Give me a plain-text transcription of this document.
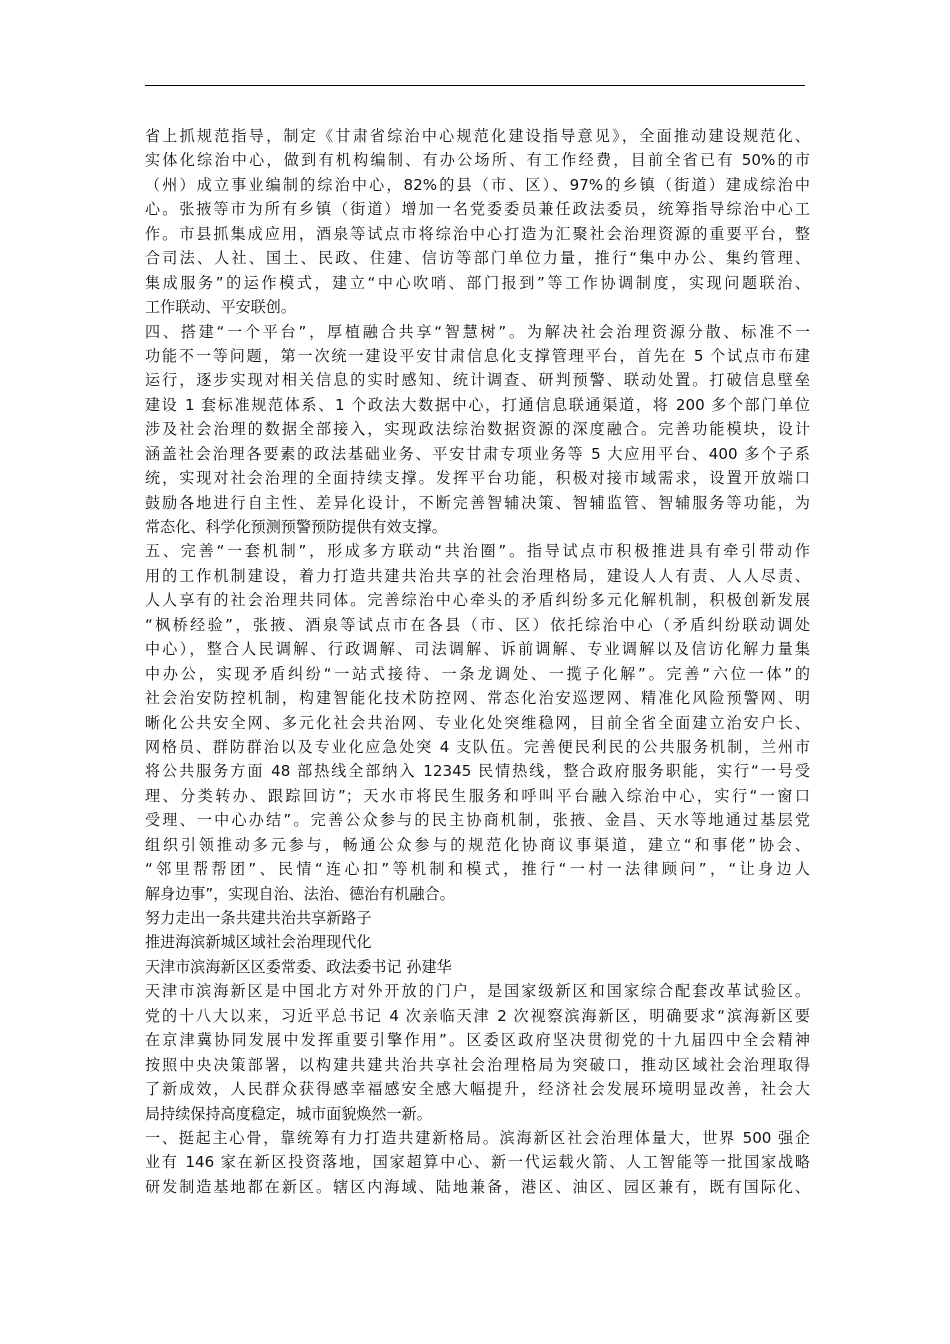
省上抓规范指导，制定《甘肃省综治中心规范化建设指导意见》，全面推动建设规范化、
实体化综治中心，做到有机构编制、有办公场所、有工作经费，目前全省已有 50%的市
（州）成立事业编制的综治中心，82%的县（市、区）、97%的乡镇（街道）建成综治中
心。张掖等市为所有乡镇（街道）增加一名党委委员兼任政法委员，统筹指导综治中心工
作。市县抓集成应用，酒泉等试点市将综治中心打造为汇聚社会治理资源的重要平台，整
合司法、人社、国土、民政、住建、信访等部门单位力量，推行“集中办公、集约管理、
集成服务”的运作模式，建立“中心吹哨、部门报到”等工作协调制度，实现问题联治、
工作联动、平安联创。
四、搭建“一个平台”，厚植融合共享“智慧树”。为解决社会治理资源分散、标准不一
功能不一等问题，第一次统一建设平安甘肃信息化支撑管理平台，首先在 5 个试点市布建
运行，逐步实现对相关信息的实时感知、统计调查、研判预警、联动处置。打破信息壁垒
建设 1 套标准规范体系、1 个政法大数据中心，打通信息联通渠道，将 200 多个部门单位
涉及社会治理的数据全部接入，实现政法综治数据资源的深度融合。完善功能模块，设计
涵盖社会治理各要素的政法基础业务、平安甘肃专项业务等 5 大应用平台、400 多个子系
统，实现对社会治理的全面持续支撑。发挥平台功能，积极对接市域需求，设置开放端口
鼓励各地进行自主性、差异化设计，不断完善智辅决策、智辅监管、智辅服务等功能，为
常态化、科学化预测预警预防提供有效支撑。
五、完善“一套机制”，形成多方联动“共治圈”。指导试点市积极推进具有牵引带动作
用的工作机制建设，着力打造共建共治共享的社会治理格局，建设人人有责、人人尽责、
人人享有的社会治理共同体。完善综治中心牵头的矛盾纠纷多元化解机制，积极创新发展
“枫桥经验”，张掖、酒泉等试点市在各县（市、区）依托综治中心（矛盾纠纷联动调处
中心），整合人民调解、行政调解、司法调解、诉前调解、专业调解以及信访化解力量集
中办公，实现矛盾纠纷“一站式接待、一条龙调处、一揽子化解”。完善“六位一体”的
社会治安防控机制，构建智能化技术防控网、常态化治安巡逻网、精准化风险预警网、明
晰化公共安全网、多元化社会共治网、专业化处突维稳网，目前全省全面建立治安户长、
网格员、群防群治以及专业化应急处突 4 支队伍。完善便民利民的公共服务机制，兰州市
将公共服务方面 48 部热线全部纳入 12345 民情热线，整合政府服务职能，实行“一号受
理、分类转办、跟踪回访”；天水市将民生服务和呼叫平台融入综治中心，实行“一窗口
受理、一中心办结”。完善公众参与的民主协商机制，张掖、金昌、天水等地通过基层党
组织引领推动多元参与，畅通公众参与的规范化协商议事渠道，建立“和事佬”协会、
“邻里帮帮团”、民情“连心扣”等机制和模式，推行“一村一法律顾问”，“让身边人
解身边事”，实现自治、法治、德治有机融合。
努力走出一条共建共治共享新路子
推进海滨新城区域社会治理现代化
天津市滨海新区区委常委、政法委书记 孙建华
天津市滨海新区是中国北方对外开放的门户，是国家级新区和国家综合配套改革试验区。
党的十八大以来，习近平总书记 4 次亲临天津 2 次视察滨海新区，明确要求“滨海新区要
在京津冀协同发展中发挥重要引擎作用”。区委区政府坚决贯彻党的十九届四中全会精神
按照中央决策部署，以构建共建共治共享社会治理格局为突破口，推动区域社会治理取得
了新成效，人民群众获得感幸福感安全感大幅提升，经济社会发展环境明显改善，社会大
局持续保持高度稳定，城市面貌焕然一新。
一、挺起主心骨，靠统筹有力打造共建新格局。滨海新区社会治理体量大，世界 500 强企
业有 146 家在新区投资落地，国家超算中心、新一代运载火箭、人工智能等一批国家战略
研发制造基地都在新区。辖区内海域、陆地兼备，港区、油区、园区兼有，既有国际化、
